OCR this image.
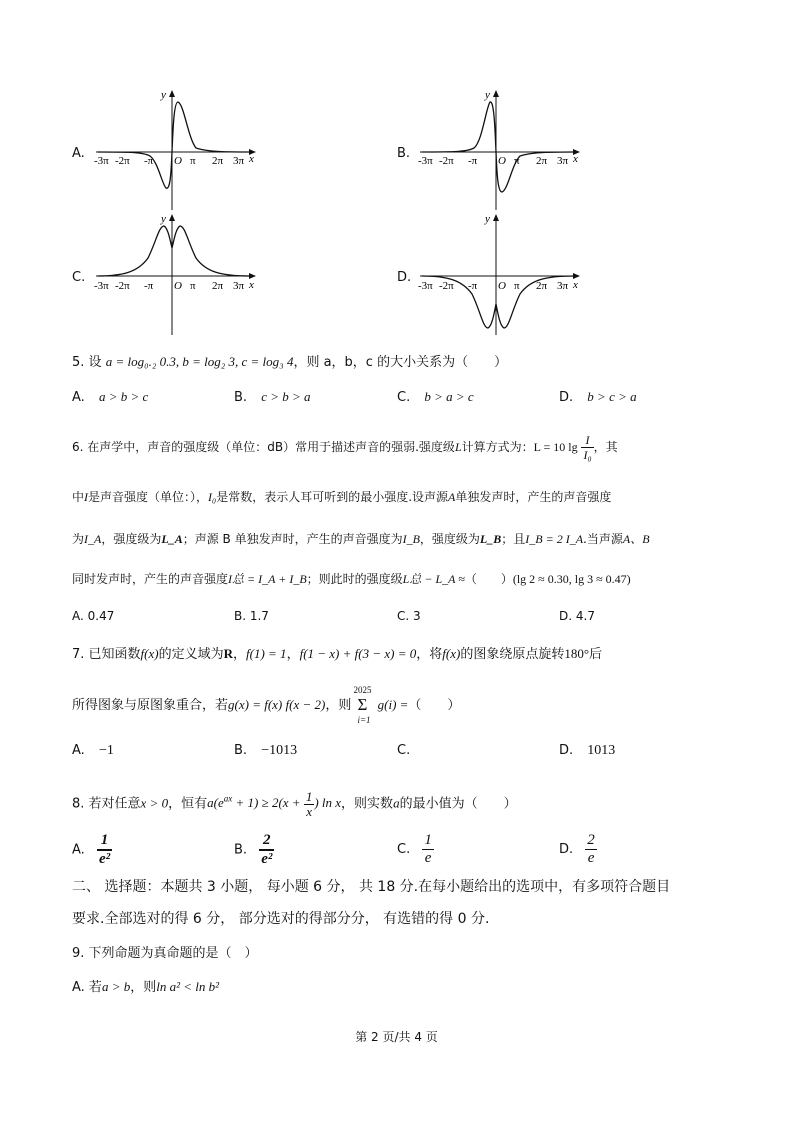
A.
y
x
O
-3π -2π -π	π 2π 3π	B.
y
x
O
-3π -2π -π	π 2π 3π
C.
y
x
O
-3π -2π -π	π 2π 3π
D.
y
x
O
-3π -2π -π	π 2π 3π
5. 设 a = log₀.₂ 0.3, b = log₂ 3, c = log₃ 4，则 a，b，c 的大小关系为（　　）
A. a > b > c	B. c > b > a	C. b > a > c	D. b > c > a
6. 在声学中，声音的强度级（单位：dB）常用于描述声音的强弱.强度级L计算方式为：L = 10 $\lg \frac{I}{\text{I₀}}$ ，其
中I是声音强度（单位：），I₀是常数，表示人耳可听到的最小强度.设声源A单独发声时，产生的声音强度
为I_A，强度级为L_A；声源 B 单独发声时，产生的声音强度为I_B，强度级为L_B；且I_B = 2 I_A.当声源A、B
同时发声时，产生的声音强度I总 = I_A + I_B；则此时的强度级L总 − L_A ≈（　　）(lg 2 ≈ 0.30, lg 3 ≈ 0.47)
A. 0.47	B. 1.7	C. 3	D. 4.7
7. 已知函数f(x)的定义域为R，f(1) = 1，f(1 − x) + f(3 − x) = 0，将f(x)的图象绕原点旋转180°后
所得图象与原图象重合，若g(x) = f(x) f(x − 2)，则
2025
Σ
i=1
g(i) =（　　）
A. −1	B. −1013	C.	D. 1013
8. 若对任意x > 0，恒有$a(e^{ax} + 1) \ge 2(x + \frac{1}{x}$ ) ln x，则实数a的最小值为（　　）
A. $\frac{1}{\text{e²}}$	B. $\frac{2}{\text{e²}}$	C. $\frac{1}{e}$	D. $\frac{2}{e}$
二、 选择题：本题共 3 小题， 每小题 6 分， 共 18 分.在每小题给出的选项中，有多项符合题目
要求.全部选对的得 6 分， 部分选对的得部分分， 有选错的得 0 分.
9. 下列命题为真命题的是（　）
A. 若a > b，则ln a² < ln b²
第 2 页/共 4 页
